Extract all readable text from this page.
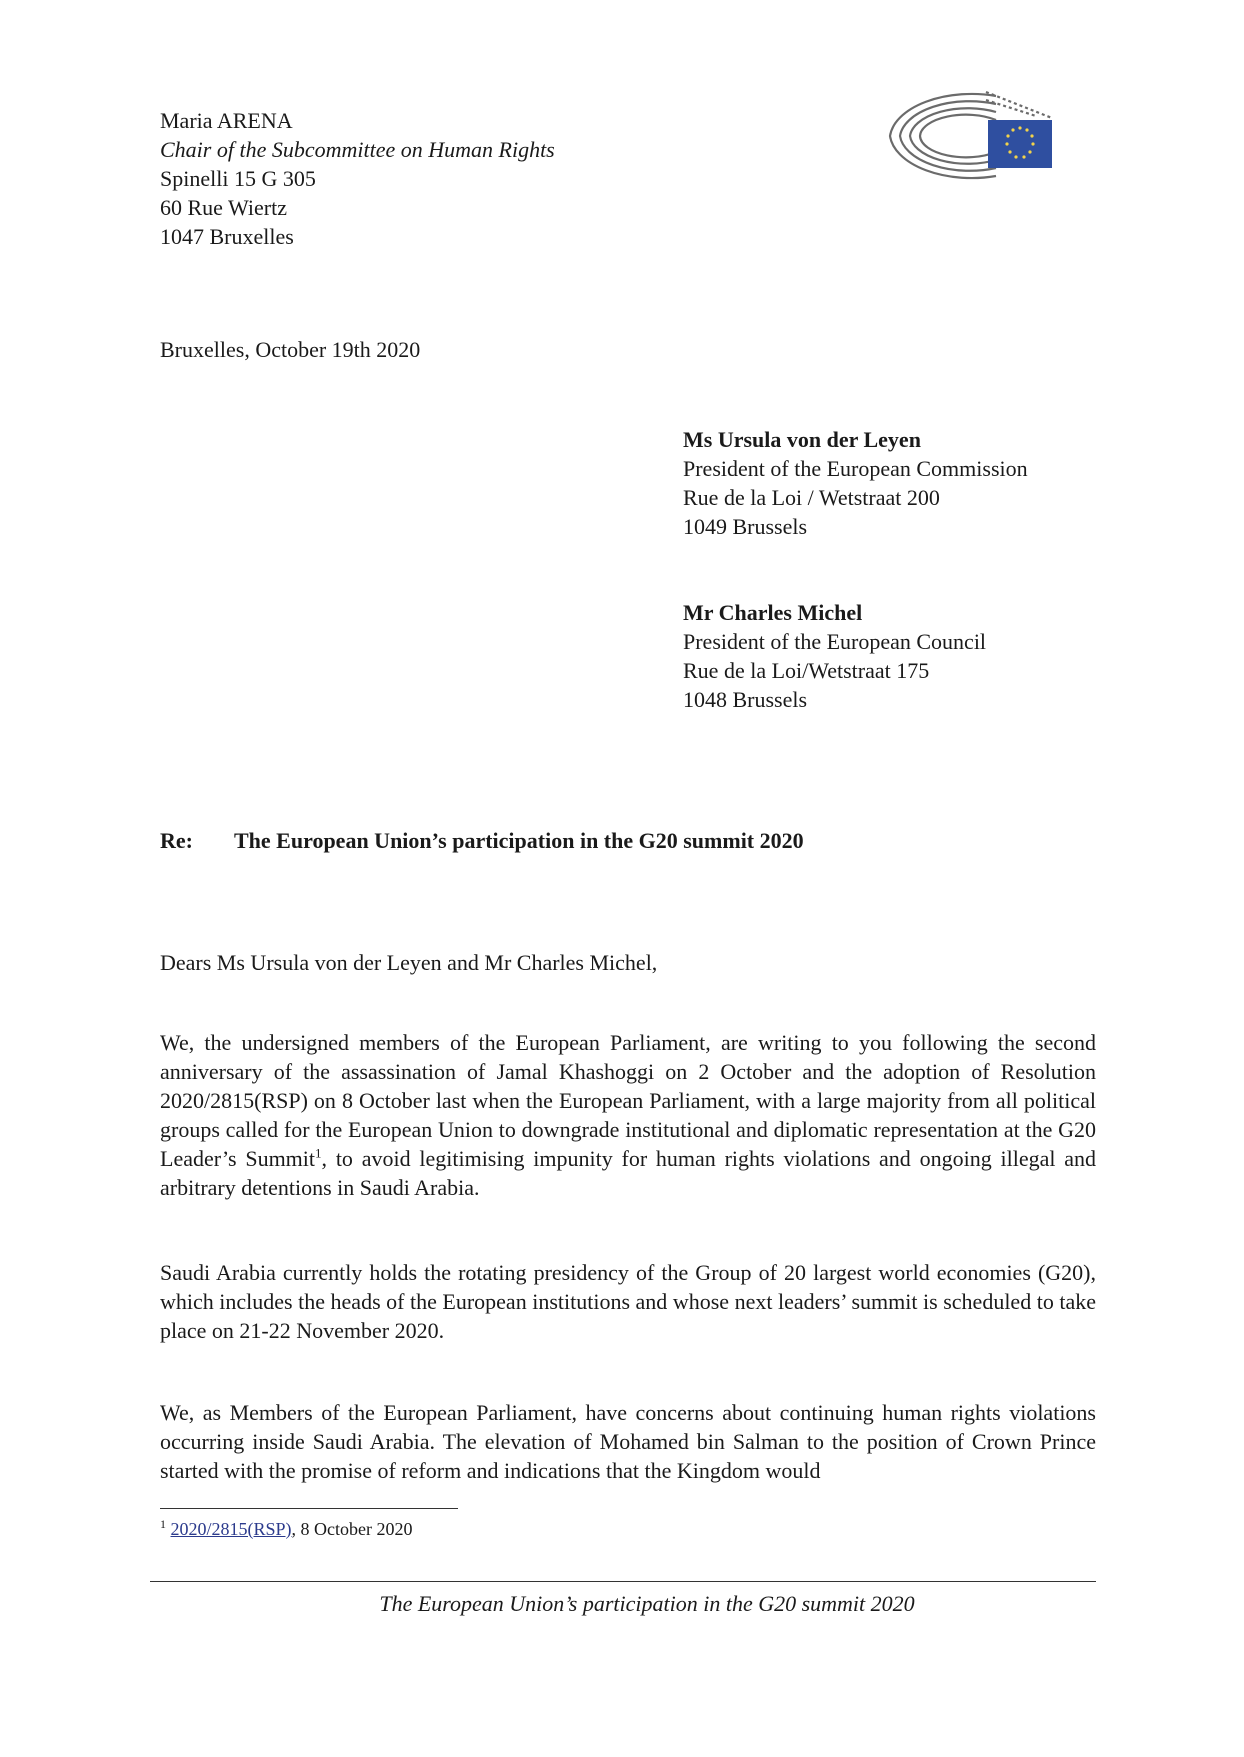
Maria ARENA
Chair of the Subcommittee on Human Rights
Spinelli 15 G 305
60 Rue Wiertz
1047 Bruxelles
Bruxelles, October 19th 2020
Ms Ursula von der Leyen
President of the European Commission
Rue de la Loi / Wetstraat 200
1049 Brussels
Mr Charles Michel
President of the European Council
Rue de la Loi/Wetstraat 175
1048 Brussels
Re: The European Union’s participation in the G20 summit 2020
Dears Ms Ursula von der Leyen and Mr Charles Michel,
We, the undersigned members of the European Parliament, are writing to you following the second anniversary of the assassination of Jamal Khashoggi on 2 October and the adoption of Resolution 2020/2815(RSP) on 8 October last when the European Parliament, with a large majority from all political groups called for the European Union to downgrade institutional and diplomatic representation at the G20 Leader’s Summit$^1$, to avoid legitimising impunity for human rights violations and ongoing illegal and arbitrary detentions in Saudi Arabia.
Saudi Arabia currently holds the rotating presidency of the Group of 20 largest world economies (G20), which includes the heads of the European institutions and whose next leaders’ summit is scheduled to take place on 21-22 November 2020.
We, as Members of the European Parliament, have concerns about continuing human rights violations occurring inside Saudi Arabia. The elevation of Mohamed bin Salman to the position of Crown Prince started with the promise of reform and indications that the Kingdom would
$^1$ 2020/2815(RSP), 8 October 2020
The European Union’s participation in the G20 summit 2020
